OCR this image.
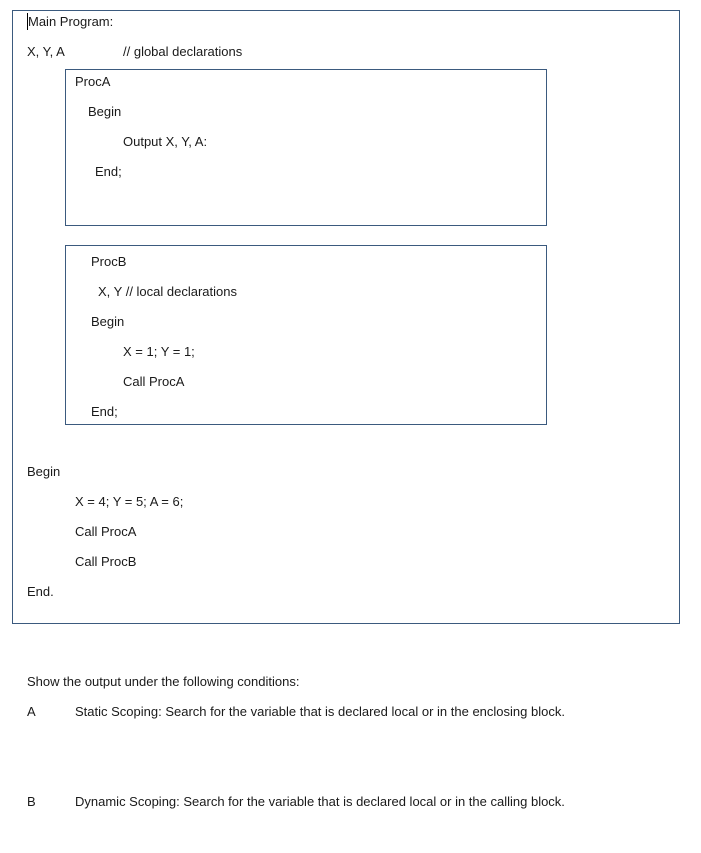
Main Program:
X, Y, A	// global declarations
ProcA
Begin
Output X, Y, A:
End;
ProcB
X, Y // local declarations
Begin
X = 1; Y = 1;
Call ProcA
End;
Begin
X = 4; Y = 5; A = 6;
Call ProcA
Call ProcB
End.
Show the output under the following conditions:
A	Static Scoping: Search for the variable that is declared local or in the enclosing block.
B	Dynamic Scoping: Search for the variable that is declared local or in the calling block.
